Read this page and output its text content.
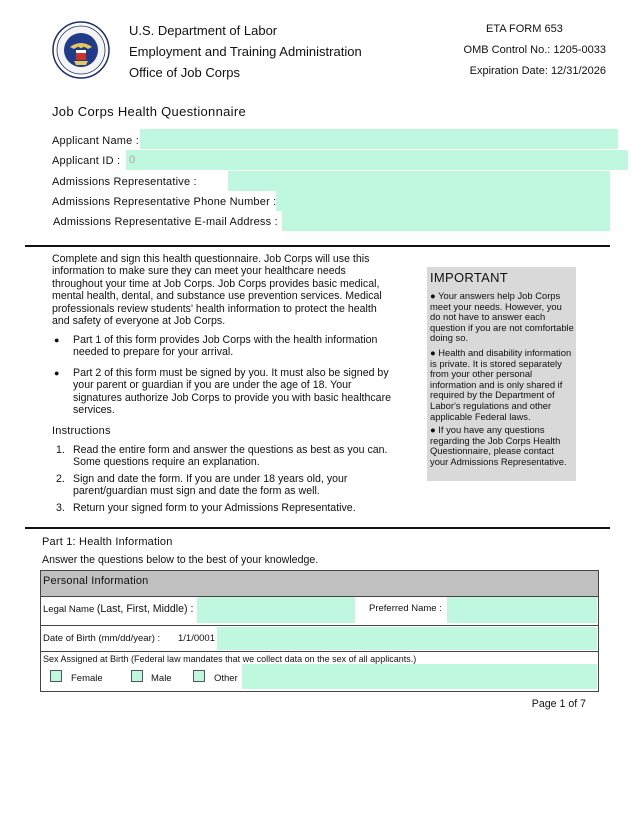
U.S. Department of Labor
Employment and Training Administration
Office of Job Corps
ETA FORM 653
OMB Control No.: 1205-0033
Expiration Date: 12/31/2026
Job Corps Health Questionnaire
Applicant Name :
Applicant ID : 0
Admissions Representative :
Admissions Representative Phone Number :
Admissions Representative E-mail Address :
Complete and sign this health questionnaire. Job Corps will use this information to make sure they can meet your healthcare needs throughout your time at Job Corps. Job Corps provides basic medical, mental health, dental, and substance use prevention services. Medical professionals review students' health information to protect the health and safety of everyone at Job Corps.
● Part 1 of this form provides Job Corps with the health information needed to prepare for your arrival.
● Part 2 of this form must be signed by you. It must also be signed by your parent or guardian if you are under the age of 18. Your signatures authorize Job Corps to provide you with basic healthcare services.
Instructions
1. Read the entire form and answer the questions as best as you can. Some questions require an explanation.
2. Sign and date the form. If you are under 18 years old, your parent/guardian must sign and date the form as well.
3. Return your signed form to your Admissions Representative.
IMPORTANT
● Your answers help Job Corps meet your needs. However, you do not have to answer each question if you are not comfortable doing so.
● Health and disability information is private. It is stored separately from your other personal information and is only shared if required by the Department of Labor's regulations and other applicable Federal laws.
● If you have any questions regarding the Job Corps Health Questionnaire, please contact your Admissions Representative.
Part 1: Health Information
Answer the questions below to the best of your knowledge.
Personal Information
Legal Name (Last, First, Middle) :	Preferred Name :
Date of Birth (mm/dd/year) : 1/1/0001
Sex Assigned at Birth (Federal law mandates that we collect data on the sex of all applicants.)
Female	Male	Other
Page 1 of 7
